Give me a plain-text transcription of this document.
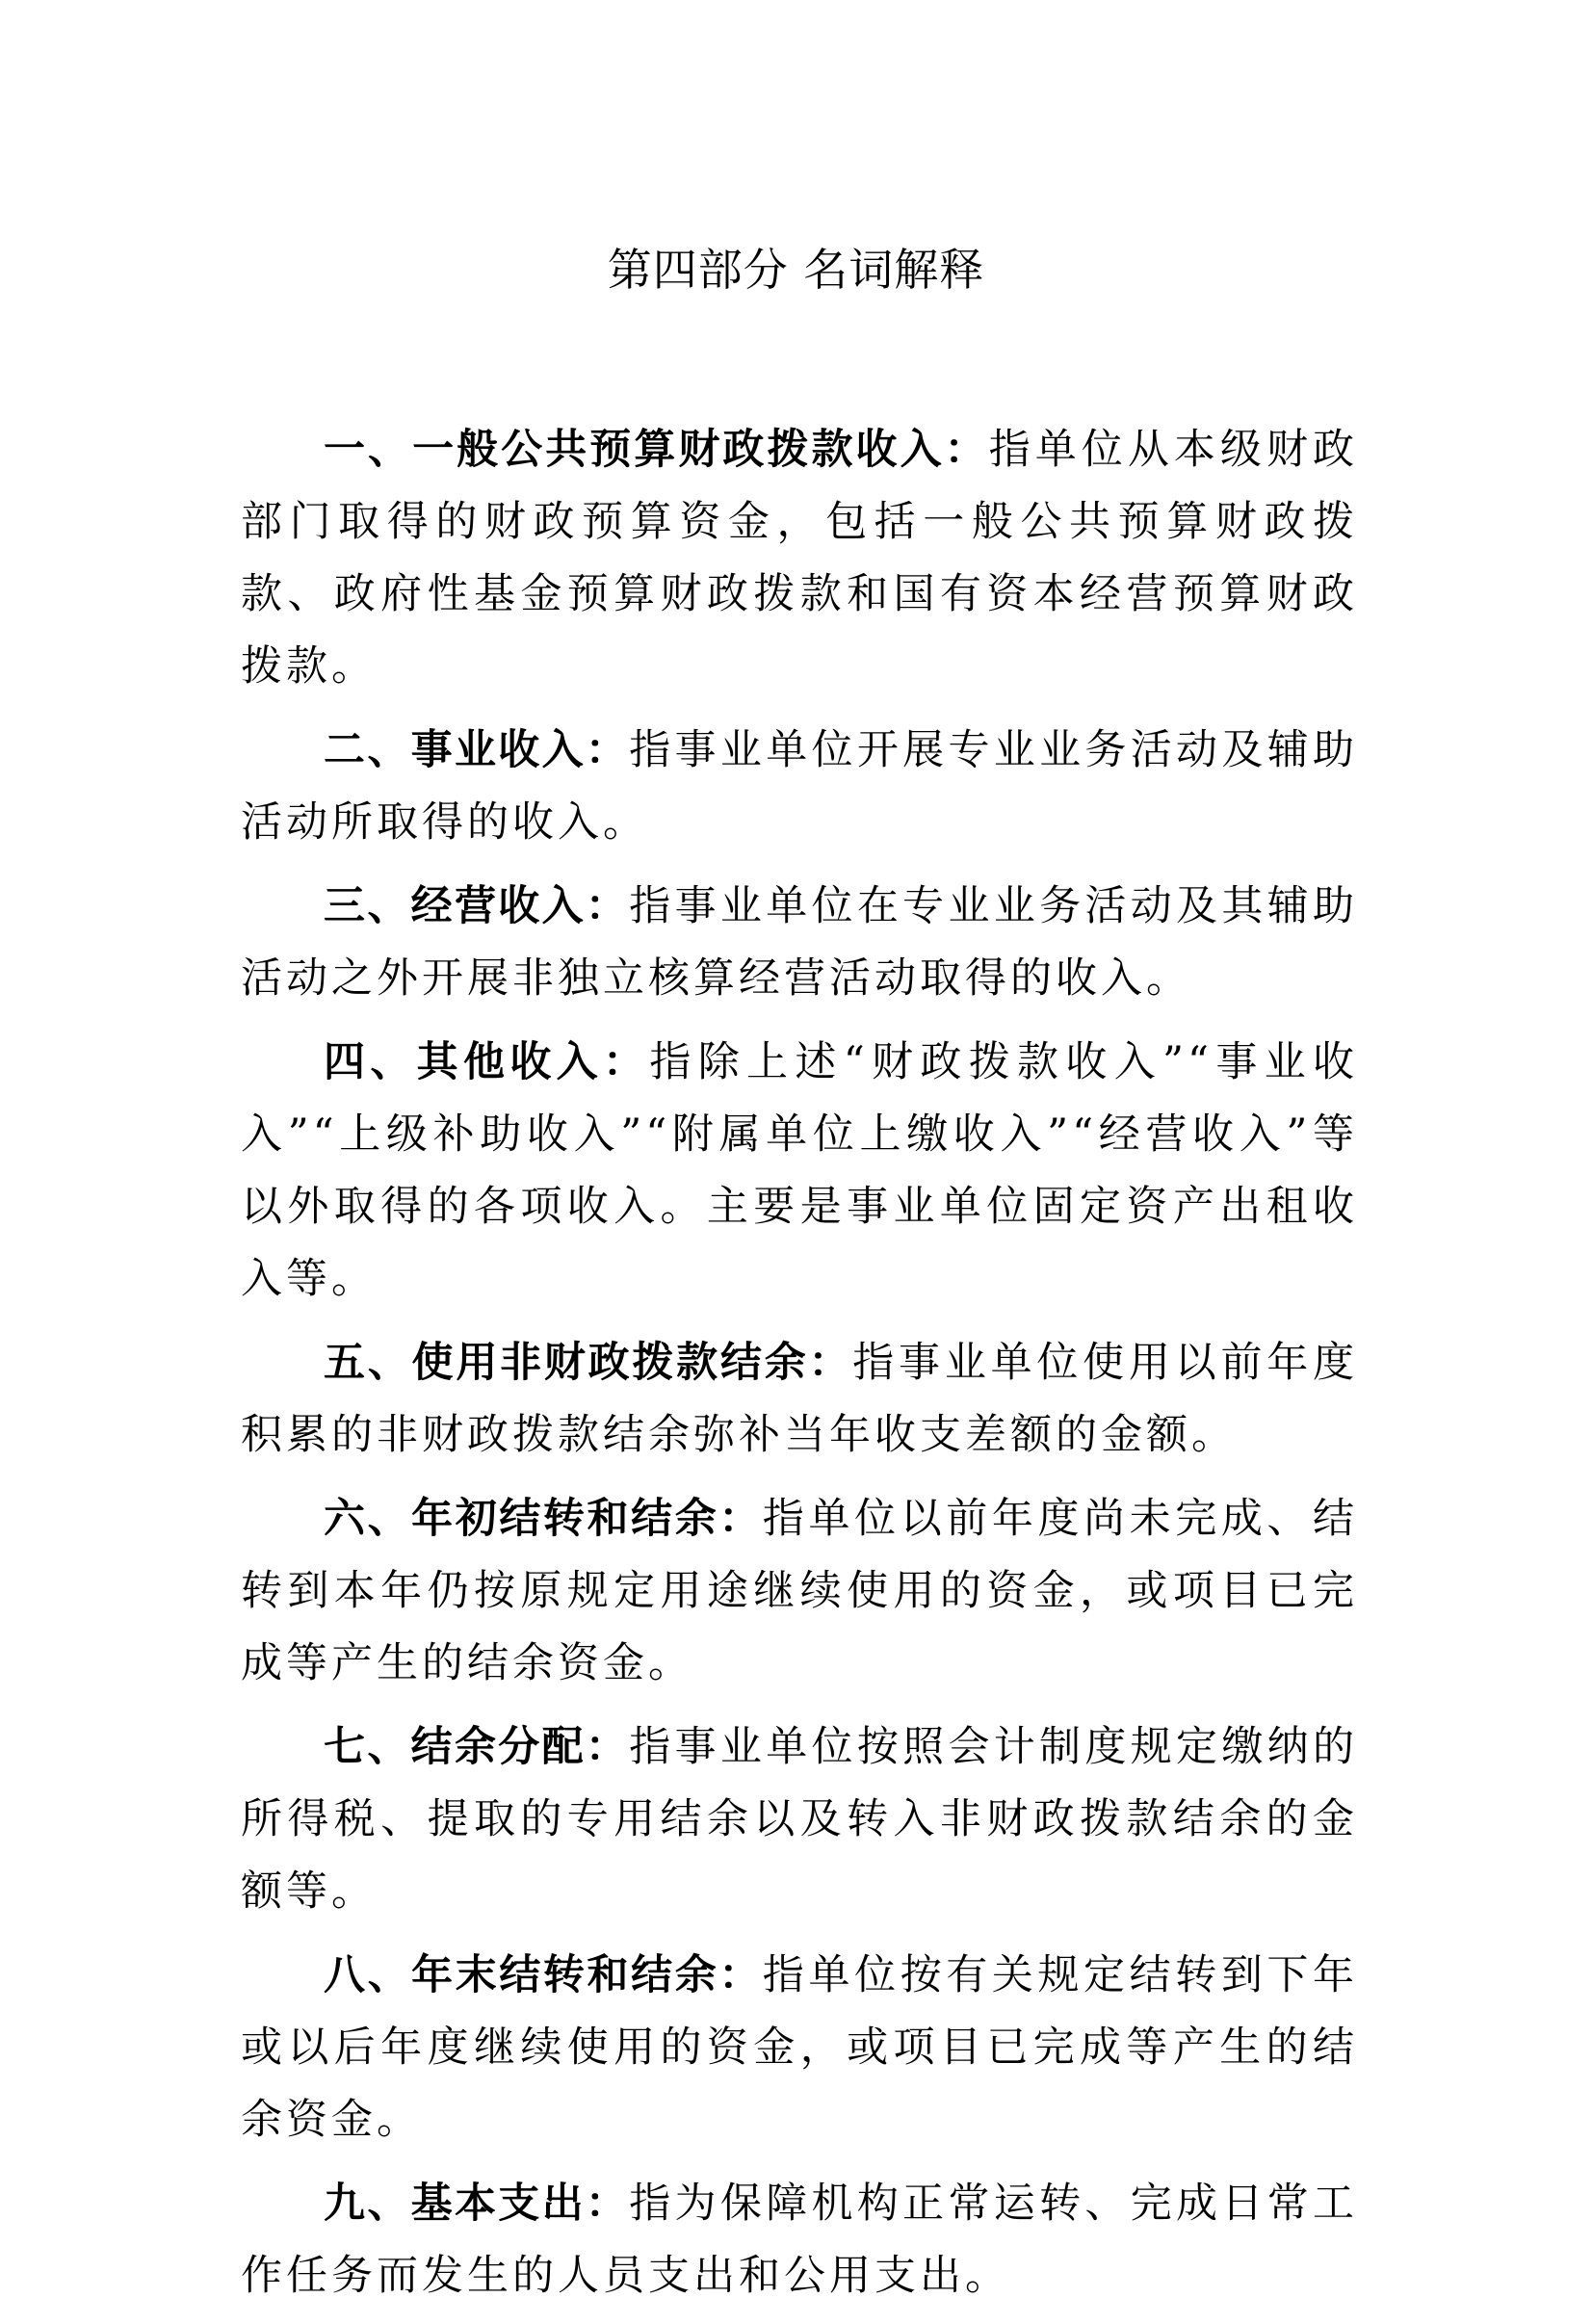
第四部分 名词解释

一、一般公共预算财政拨款收入：指单位从本级财政部门取得的财政预算资金，包括一般公共预算财政拨款、政府性基金预算财政拨款和国有资本经营预算财政拨款。

二、事业收入：指事业单位开展专业业务活动及辅助活动所取得的收入。

三、经营收入：指事业单位在专业业务活动及其辅助活动之外开展非独立核算经营活动取得的收入。

四、其他收入：指除上述“财政拨款收入”“事业收入”“上级补助收入”“附属单位上缴收入”“经营收入”等以外取得的各项收入。主要是事业单位固定资产出租收入等。

五、使用非财政拨款结余：指事业单位使用以前年度积累的非财政拨款结余弥补当年收支差额的金额。

六、年初结转和结余：指单位以前年度尚未完成、结转到本年仍按原规定用途继续使用的资金，或项目已完成等产生的结余资金。

七、结余分配：指事业单位按照会计制度规定缴纳的所得税、提取的专用结余以及转入非财政拨款结余的金额等。

八、年末结转和结余：指单位按有关规定结转到下年或以后年度继续使用的资金，或项目已完成等产生的结余资金。

九、基本支出：指为保障机构正常运转、完成日常工作任务而发生的人员支出和公用支出。
